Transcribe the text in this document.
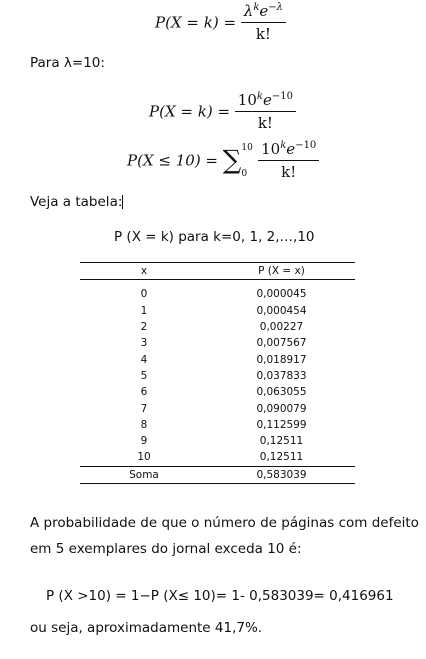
$P(X = k) = \frac{\lambda^ke^{-\lambda}}{k!}$
Para λ=10:
$P(X = k) = \frac{10^ke^{-10}}{k!}$
P(X ≤ 10) = ∑ 10
0
$\frac{10^ke^{-10}}{k!}$
Veja a tabela:
P (X = k) para k=0, 1, 2,…,10
x	P (X = x)

0	0,000045
1	0,000454
2	0,00227
3	0,007567
4	0,018917
5	0,037833
6	0,063055
7	0,090079
8	0,112599
9	0,12511
10	0,12511
Soma	0,583039
A probabilidade de que o número de páginas com defeito
em 5 exemplares do jornal exceda 10 é:
P (X >10) = 1−P (X≤ 10)= 1- 0,583039= 0,416961
ou seja, aproximadamente 41,7%.
